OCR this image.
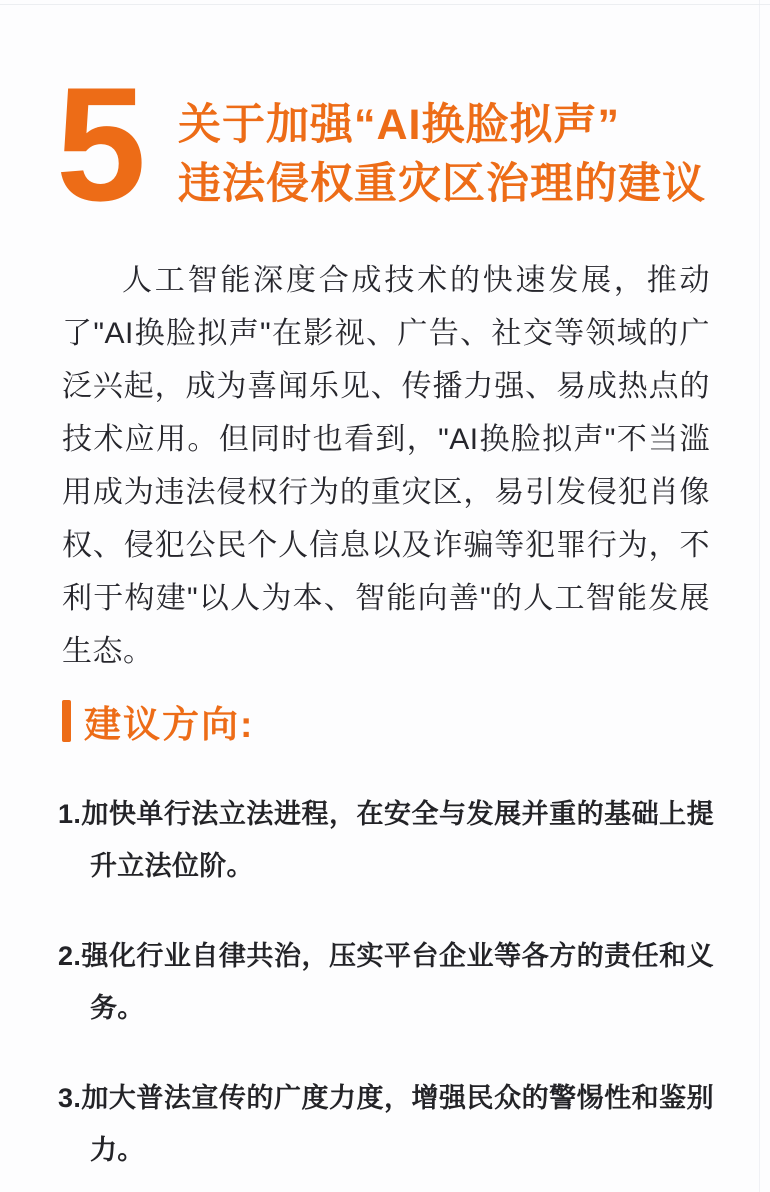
5 关于加强“AI换脸拟声”
违法侵权重灾区治理的建议

人工智能深度合成技术的快速发展，推动了"AI换脸拟声"在影视、广告、社交等领域的广泛兴起，成为喜闻乐见、传播力强、易成热点的技术应用。但同时也看到，"AI换脸拟声"不当滥用成为违法侵权行为的重灾区，易引发侵犯肖像权、侵犯公民个人信息以及诈骗等犯罪行为，不利于构建"以人为本、智能向善"的人工智能发展生态。

建议方向:
1.加快单行法立法进程，在安全与发展并重的基础上提升立法位阶。
2.强化行业自律共治，压实平台企业等各方的责任和义务。
3.加大普法宣传的广度力度，增强民众的警惕性和鉴别力。
